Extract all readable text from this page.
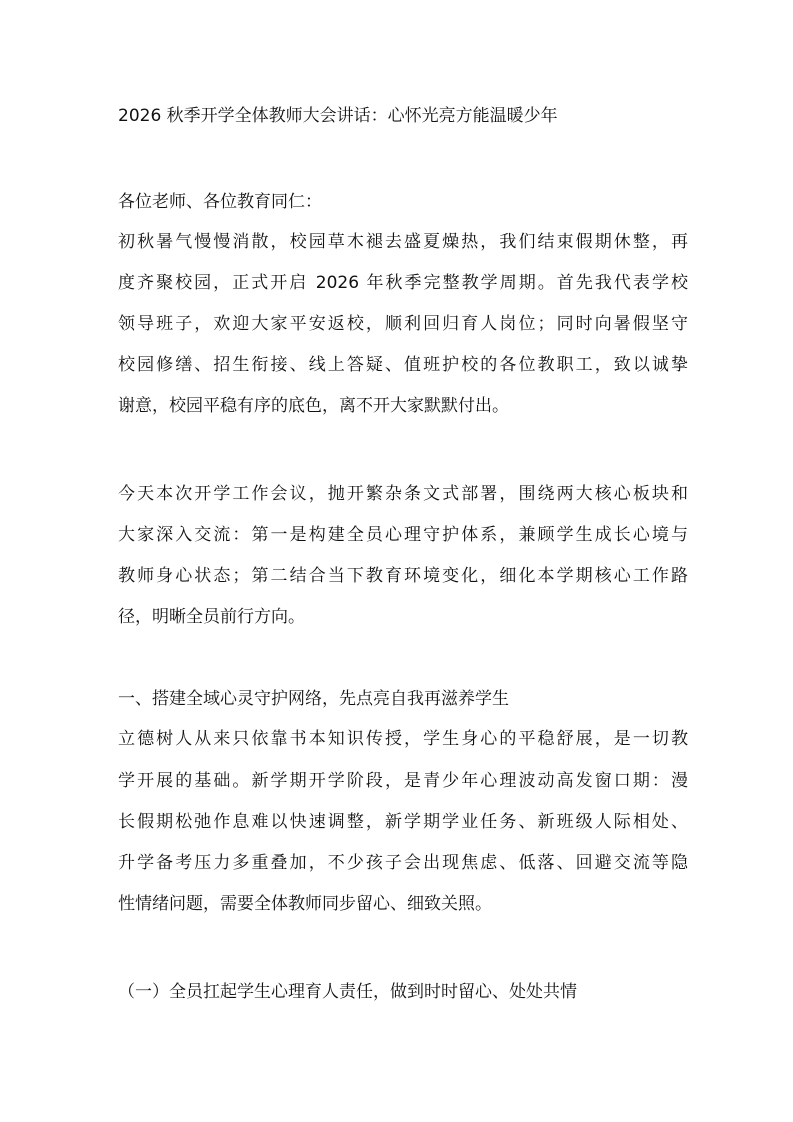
2026 秋季开学全体教师大会讲话：心怀光亮方能温暖少年
各位老师、各位教育同仁：
初秋暑气慢慢消散，校园草木褪去盛夏燥热，我们结束假期休整，再
度齐聚校园，正式开启 2026 年秋季完整教学周期。首先我代表学校
领导班子，欢迎大家平安返校，顺利回归育人岗位；同时向暑假坚守
校园修缮、招生衔接、线上答疑、值班护校的各位教职工，致以诚挚
谢意，校园平稳有序的底色，离不开大家默默付出。
今天本次开学工作会议，抛开繁杂条文式部署，围绕两大核心板块和
大家深入交流：第一是构建全员心理守护体系，兼顾学生成长心境与
教师身心状态；第二结合当下教育环境变化，细化本学期核心工作路
径，明晰全员前行方向。
一、搭建全域心灵守护网络，先点亮自我再滋养学生
立德树人从来只依靠书本知识传授，学生身心的平稳舒展，是一切教
学开展的基础。新学期开学阶段，是青少年心理波动高发窗口期：漫
长假期松弛作息难以快速调整，新学期学业任务、新班级人际相处、
升学备考压力多重叠加，不少孩子会出现焦虑、低落、回避交流等隐
性情绪问题，需要全体教师同步留心、细致关照。
（一）全员扛起学生心理育人责任，做到时时留心、处处共情
